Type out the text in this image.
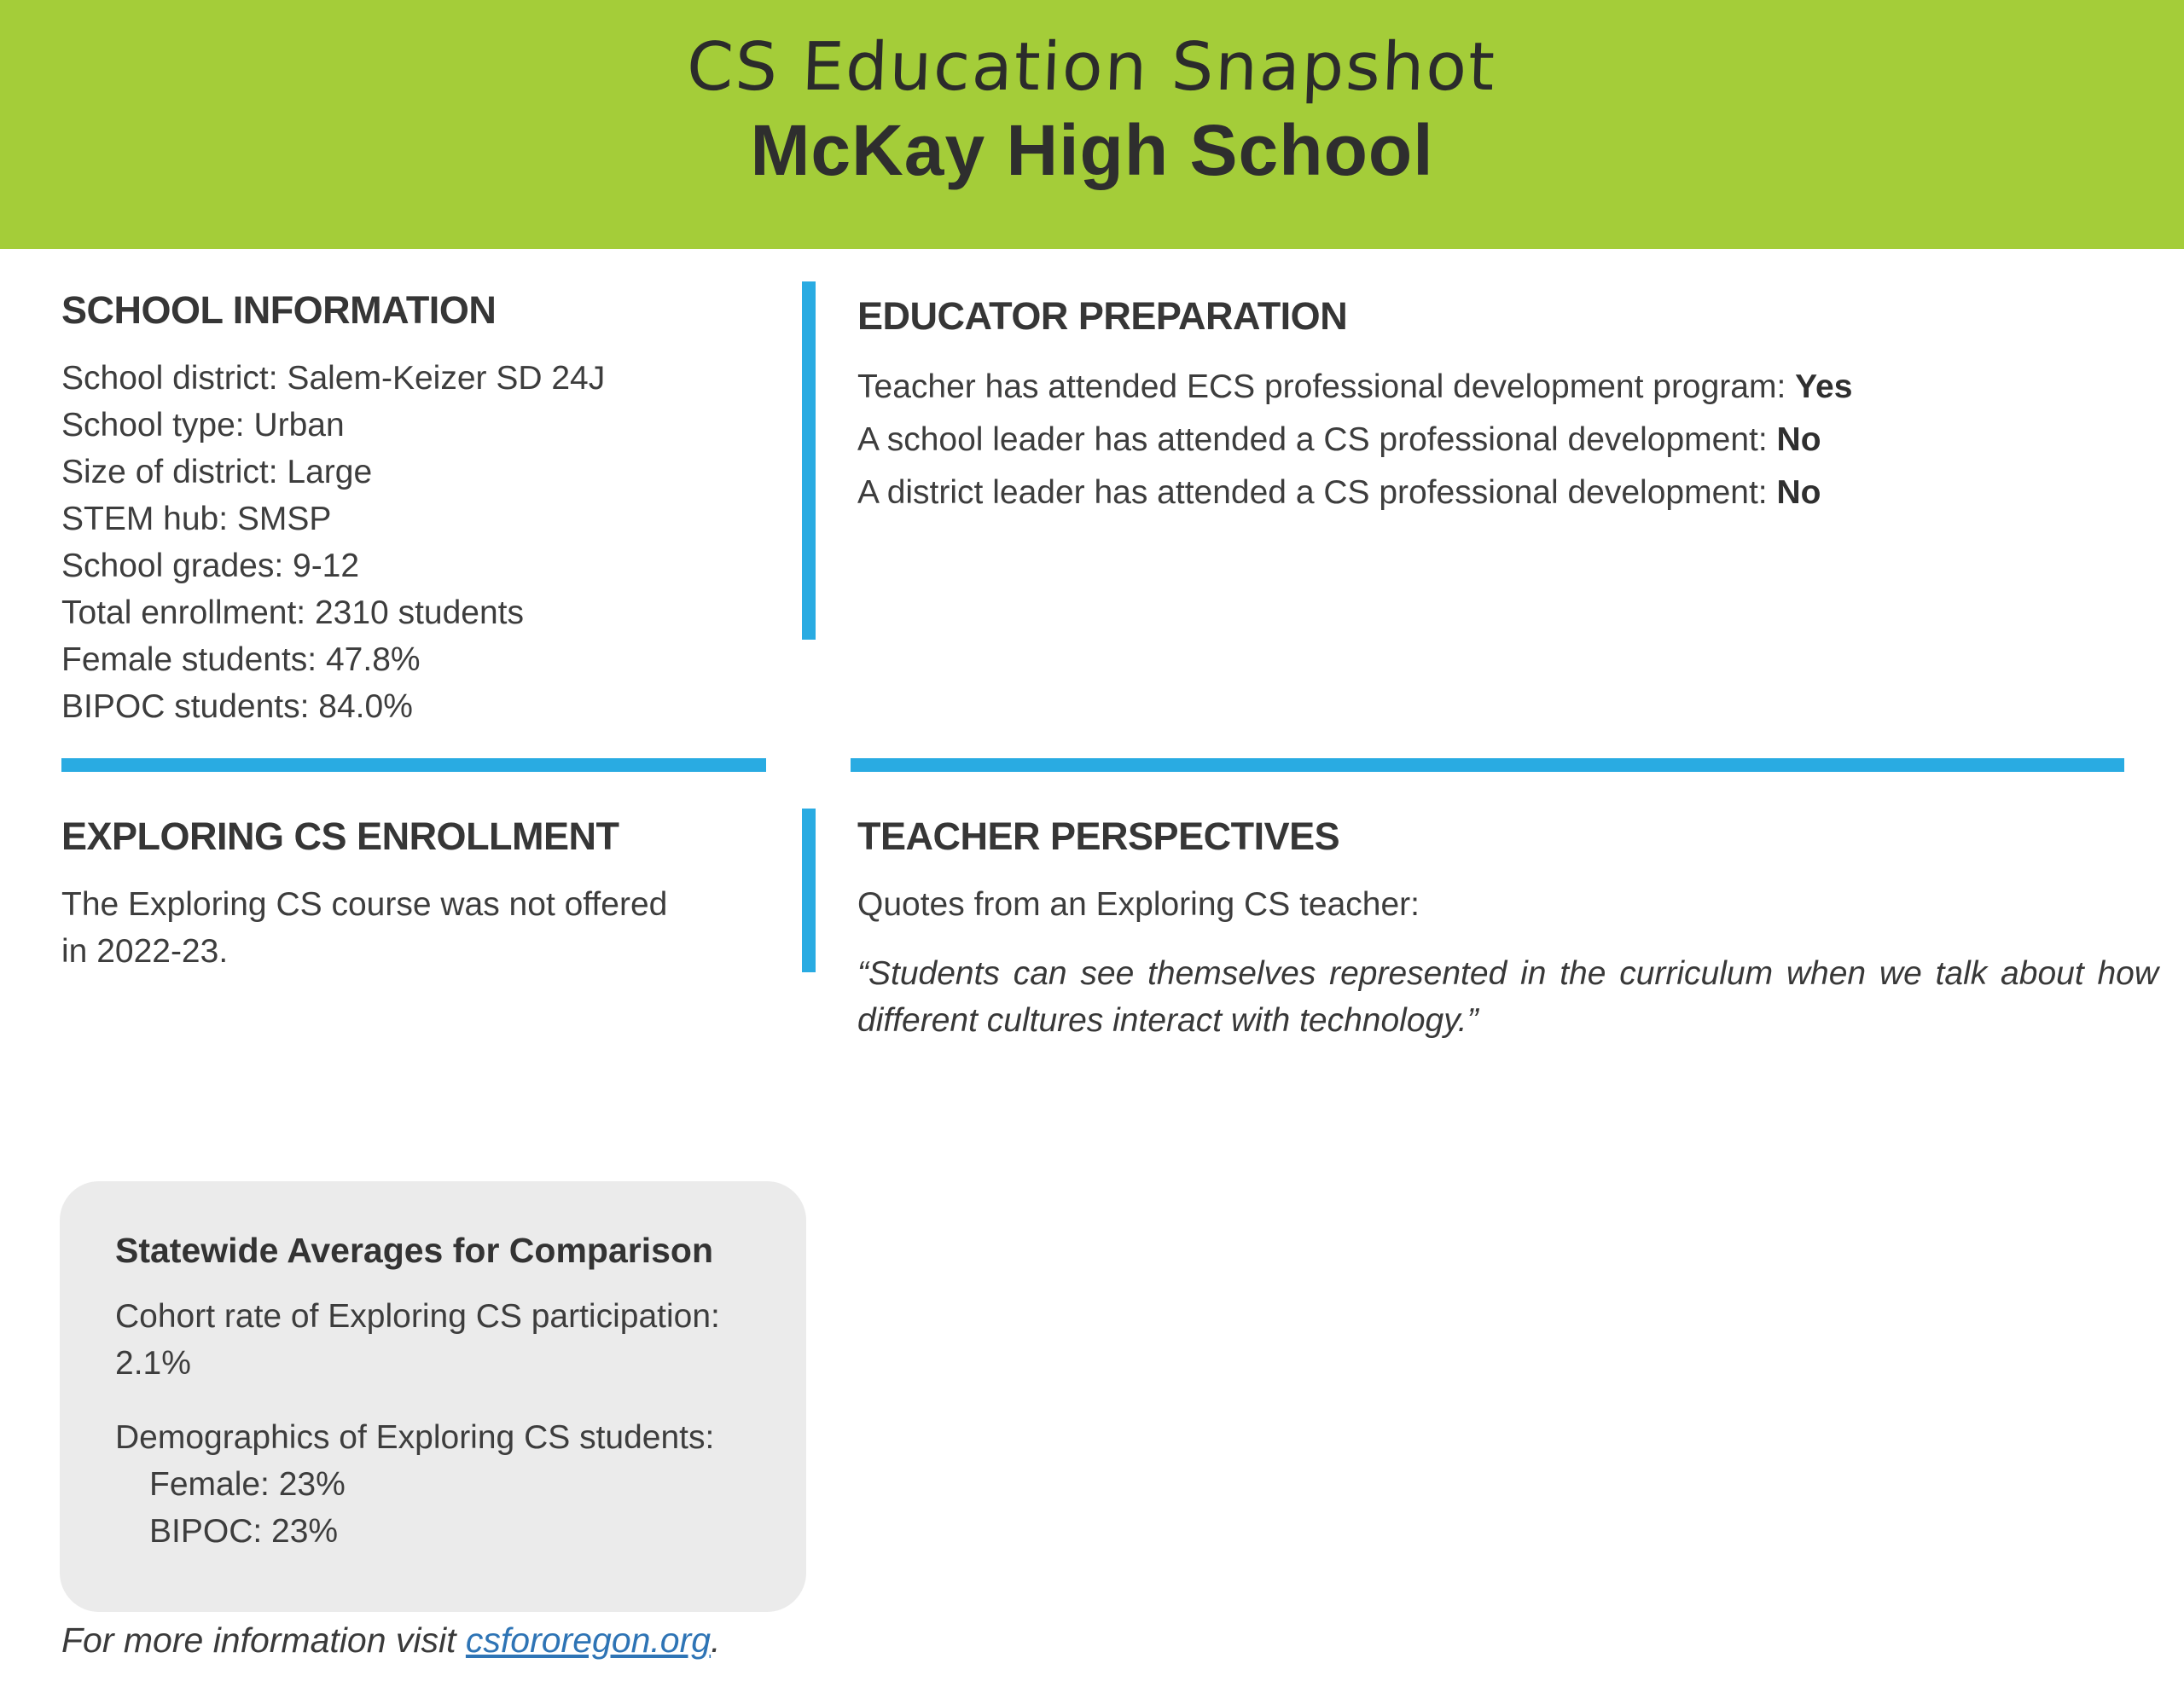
CS Education Snapshot
McKay High School
SCHOOL INFORMATION
School district: Salem-Keizer SD 24J
School type: Urban
Size of district: Large
STEM hub: SMSP
School grades: 9-12
Total enrollment: 2310 students
Female students: 47.8%
BIPOC students: 84.0%
EDUCATOR PREPARATION
Teacher has attended ECS professional development program: Yes
A school leader has attended a CS professional development: No
A district leader has attended a CS professional development: No
EXPLORING CS ENROLLMENT
The Exploring CS course was not offered in 2022-23.
TEACHER PERSPECTIVES
Quotes from an Exploring CS teacher:
“Students can see themselves represented in the curriculum when we talk about how different cultures interact with technology.”
Statewide Averages for Comparison
Cohort rate of Exploring CS participation: 2.1%
Demographics of Exploring CS students:
Female: 23%
BIPOC: 23%
For more information visit csfororegon.org.
